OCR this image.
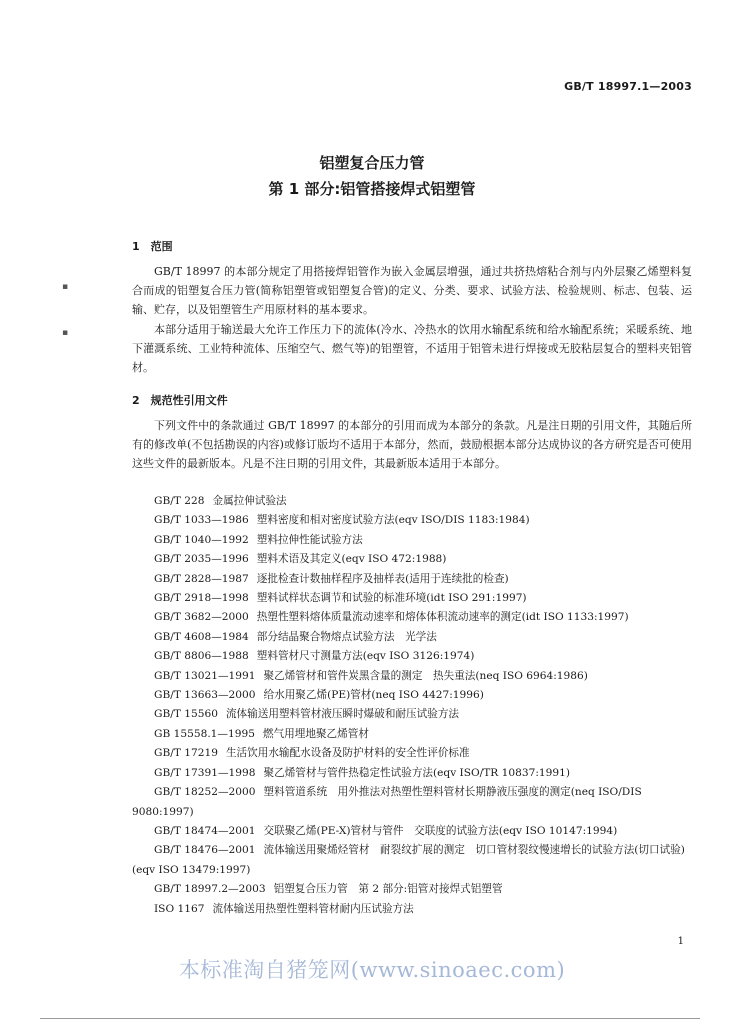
GB/T 18997.1—2003
▪
▪
铝塑复合压力管
第 1 部分:铝管搭接焊式铝塑管
1　范围

GB/T 18997 的本部分规定了用搭接焊铝管作为嵌入金属层增强，通过共挤热熔粘合剂与内外层聚乙烯塑料复合而成的铝塑复合压力管(简称铝塑管或铝塑复合管)的定义、分类、要求、试验方法、检验规则、标志、包装、运输、贮存，以及铝塑管生产用原材料的基本要求。

本部分适用于输送最大允许工作压力下的流体(冷水、冷热水的饮用水输配系统和给水输配系统；采暖系统、地下灌溉系统、工业特种流体、压缩空气、燃气等)的铝塑管，不适用于铝管未进行焊接或无胶粘层复合的塑料夹铝管材。

2　规范性引用文件

下列文件中的条款通过 GB/T 18997 的本部分的引用而成为本部分的条款。凡是注日期的引用文件，其随后所有的修改单(不包括勘误的内容)或修订版均不适用于本部分，然而，鼓励根据本部分达成协议的各方研究是否可使用这些文件的最新版本。凡是不注日期的引用文件，其最新版本适用于本部分。

GB/T 228 金属拉伸试验法
GB/T 1033—1986 塑料密度和相对密度试验方法(eqv ISO/DIS 1183:1984)
GB/T 1040—1992 塑料拉伸性能试验方法
GB/T 2035—1996 塑料术语及其定义(eqv ISO 472:1988)
GB/T 2828—1987 逐批检查计数抽样程序及抽样表(适用于连续批的检查)
GB/T 2918—1998 塑料试样状态调节和试验的标准环境(idt ISO 291:1997)
GB/T 3682—2000 热塑性塑料熔体质量流动速率和熔体体积流动速率的测定(idt ISO 1133:1997)
GB/T 4608—1984 部分结晶聚合物熔点试验方法　光学法
GB/T 8806—1988 塑料管材尺寸测量方法(eqv ISO 3126:1974)
GB/T 13021—1991 聚乙烯管材和管件炭黑含量的测定　热失重法(neq ISO 6964:1986)
GB/T 13663—2000 给水用聚乙烯(PE)管材(neq ISO 4427:1996)
GB/T 15560 流体输送用塑料管材液压瞬时爆破和耐压试验方法
GB 15558.1—1995 燃气用埋地聚乙烯管材
GB/T 17219 生活饮用水输配水设备及防护材料的安全性评价标准
GB/T 17391—1998 聚乙烯管材与管件热稳定性试验方法(eqv ISO/TR 10837:1991)
GB/T 18252—2000 塑料管道系统　用外推法对热塑性塑料管材长期静液压强度的测定(neq ISO/DIS 9080:1997)
GB/T 18474—2001 交联聚乙烯(PE-X)管材与管件　交联度的试验方法(eqv ISO 10147:1994)
GB/T 18476—2001 流体输送用聚烯烃管材　耐裂纹扩展的测定　切口管材裂纹慢速增长的试验方法(切口试验)(eqv ISO 13479:1997)
GB/T 18997.2—2003 铝塑复合压力管　第 2 部分:铝管对接焊式铝塑管
ISO 1167 流体输送用热塑性塑料管材耐内压试验方法
1
本标准淘自猪笼网(www.sinoaec.com)
